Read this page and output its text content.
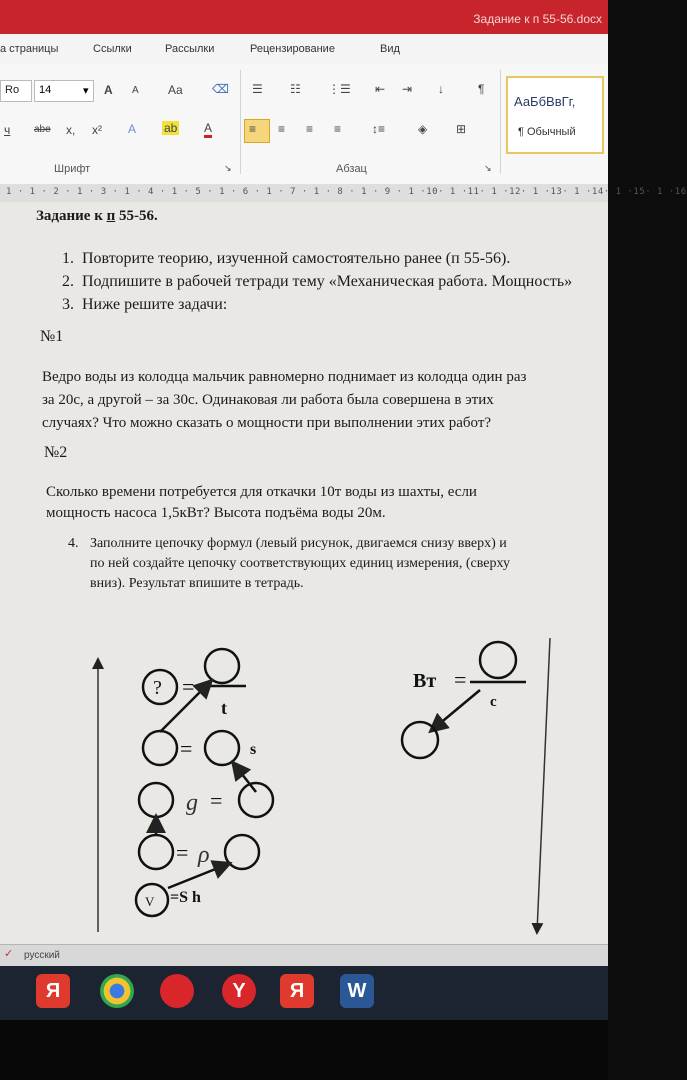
Задание к п 55-56.docx
а страницы	Ссылки	Рассылки	Рецензирование	Вид
Ro 14	▾ A A Aa ⌫ ☰ ☷ ⋮☰ ⇤ ⇥ ↓	¶
ч abe x, x² A ab A	≡ ≡ ≡ ≡	↕≡	◈ ⊞
Шрифт	Абзац
↘	↘
АаБбВвГг,
¶ Обычный
1 · 1 · 2 · 1 · 3 · 1 · 4 · 1 · 5 · 1 · 6 · 1 · 7 · 1 · 8 · 1 · 9 · 1 ·10· 1 ·11· 1 ·12· 1 ·13· 1 ·14· 1 ·15· 1 ·16
Задание к п 55-56.
1. Повторите теорию, изученной самостоятельно ранее (п 55-56).
2. Подпишите в рабочей тетради тему «Механическая работа. Мощность»
3. Ниже решите задачи:
№1
Ведро воды из колодца мальчик равномерно поднимает из колодца один раз
за 20с, а другой – за 30с. Одинаковая ли работа была совершена в этих
случаях? Что можно сказать о мощности при выполнении этих работ?
№2
Сколько времени потребуется для откачки 10т воды из шахты, если
мощность насоса 1,5кВт? Высота подъёма воды 20м.
4. Заполните цепочку формул (левый рисунок, двигаемся снизу вверх) и
по ней создайте цепочку соответствующих единиц измерения, (сверху
вниз). Результат впишите в тетрадь.
? =
t
=	s
g =
= ρ
V =S h
Вт =
c
✓ русский
Я	Y	Я	W
